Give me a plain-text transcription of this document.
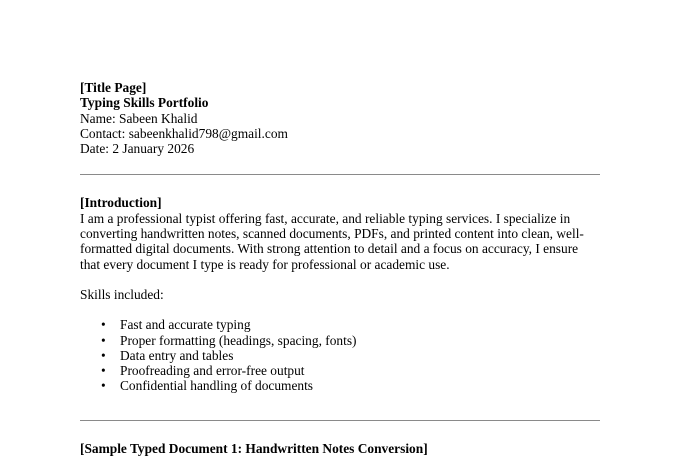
[Title Page]
Typing Skills Portfolio
Name: Sabeen Khalid
Contact: sabeenkhalid798@gmail.com
Date: 2 January 2026
[Introduction]
I am a professional typist offering fast, accurate, and reliable typing services. I specialize in
converting handwritten notes, scanned documents, PDFs, and printed content into clean, well-
formatted digital documents. With strong attention to detail and a focus on accuracy, I ensure
that every document I type is ready for professional or academic use.
Skills included:
• Fast and accurate typing
• Proper formatting (headings, spacing, fonts)
• Data entry and tables
• Proofreading and error-free output
• Confidential handling of documents
[Sample Typed Document 1: Handwritten Notes Conversion]
